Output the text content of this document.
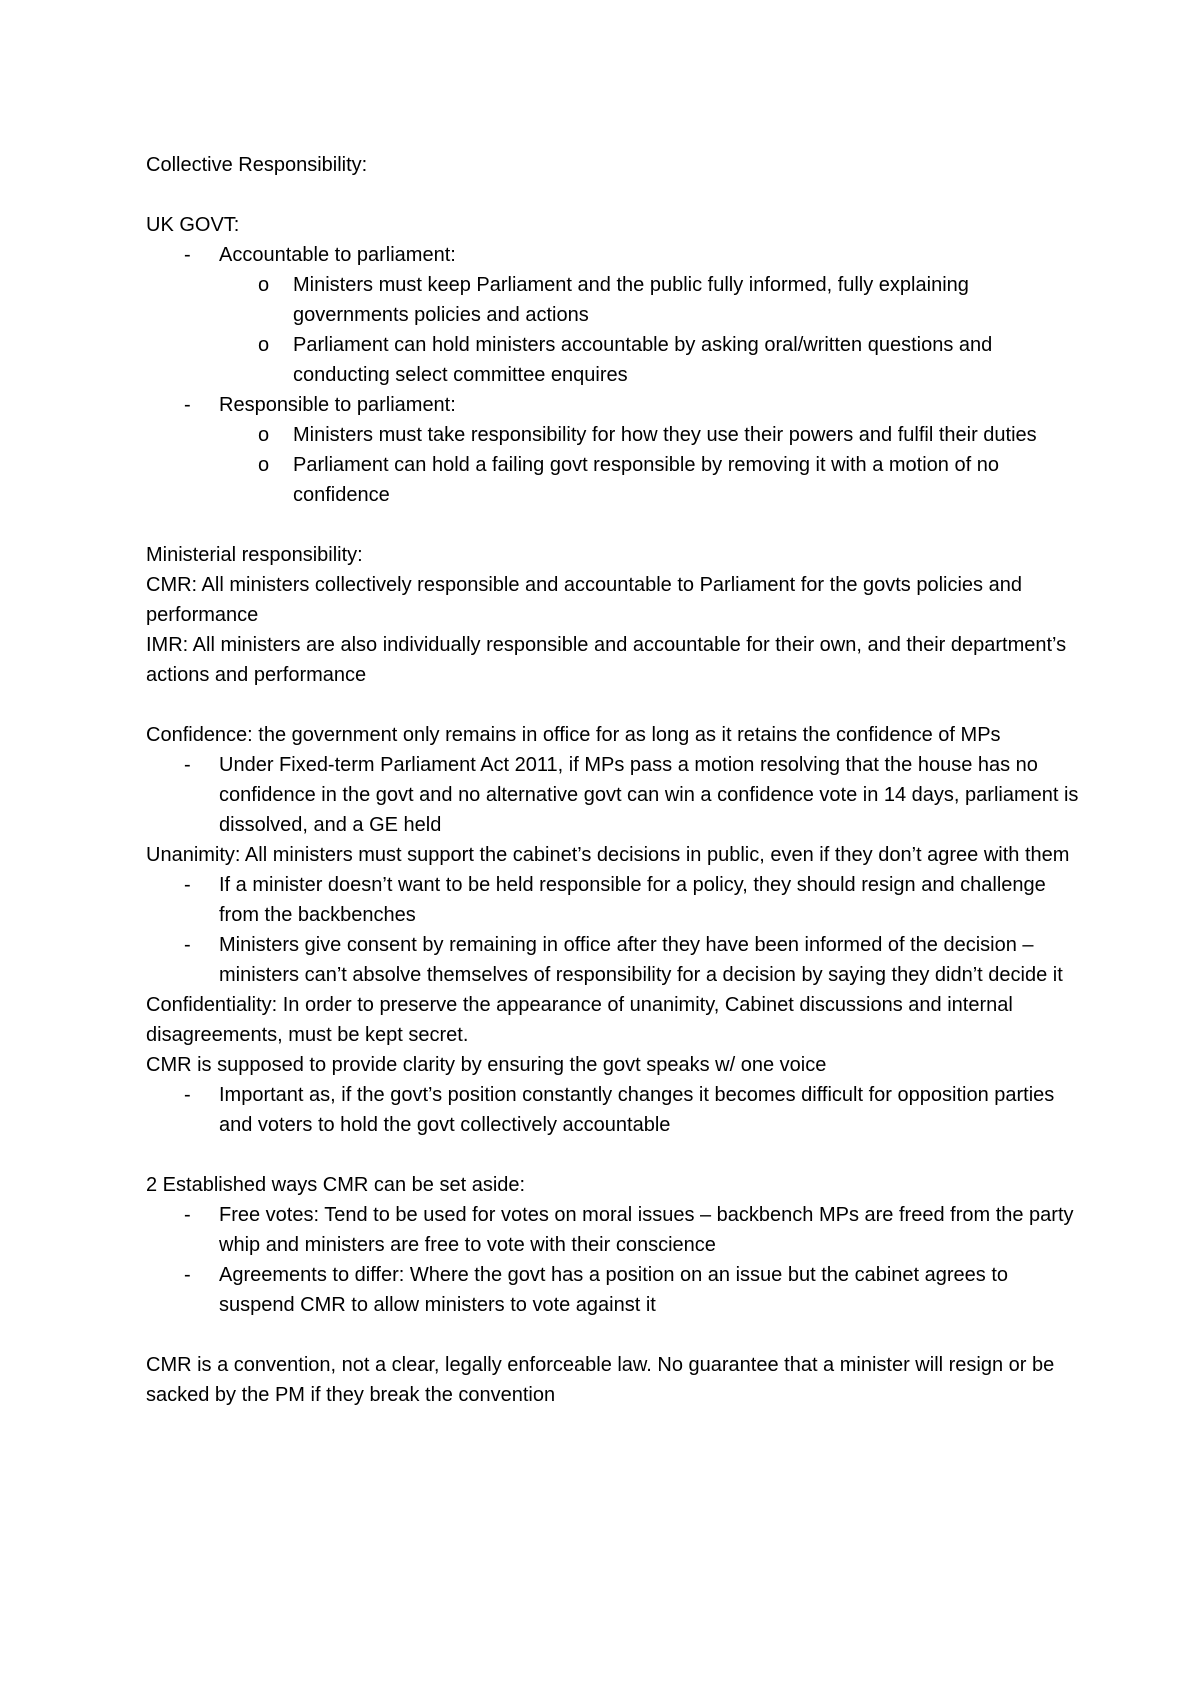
Collective Responsibility:

UK GOVT:

- Accountable to parliament:
o Ministers must keep Parliament and the public fully informed, fully explaining governments policies and actions
o Parliament can hold ministers accountable by asking oral/written questions and conducting select committee enquires
- Responsible to parliament:
o Ministers must take responsibility for how they use their powers and fulfil their duties
o Parliament can hold a failing govt responsible by removing it with a motion of no confidence

Ministerial responsibility:

CMR: All ministers collectively responsible and accountable to Parliament for the govts policies and performance

IMR: All ministers are also individually responsible and accountable for their own, and their department’s actions and performance

Confidence: the government only remains in office for as long as it retains the confidence of MPs

- Under Fixed-term Parliament Act 2011, if MPs pass a motion resolving that the house has no confidence in the govt and no alternative govt can win a confidence vote in 14 days, parliament is dissolved, and a GE held

Unanimity: All ministers must support the cabinet’s decisions in public, even if they don’t agree with them

- If a minister doesn’t want to be held responsible for a policy, they should resign and challenge from the backbenches
- Ministers give consent by remaining in office after they have been informed of the decision – ministers can’t absolve themselves of responsibility for a decision by saying they didn’t decide it

Confidentiality: In order to preserve the appearance of unanimity, Cabinet discussions and internal disagreements, must be kept secret.

CMR is supposed to provide clarity by ensuring the govt speaks w/ one voice

- Important as, if the govt’s position constantly changes it becomes difficult for opposition parties and voters to hold the govt collectively accountable

2 Established ways CMR can be set aside:

- Free votes: Tend to be used for votes on moral issues – backbench MPs are freed from the party whip and ministers are free to vote with their conscience
- Agreements to differ: Where the govt has a position on an issue but the cabinet agrees to suspend CMR to allow ministers to vote against it

CMR is a convention, not a clear, legally enforceable law. No guarantee that a minister will resign or be sacked by the PM if they break the convention
